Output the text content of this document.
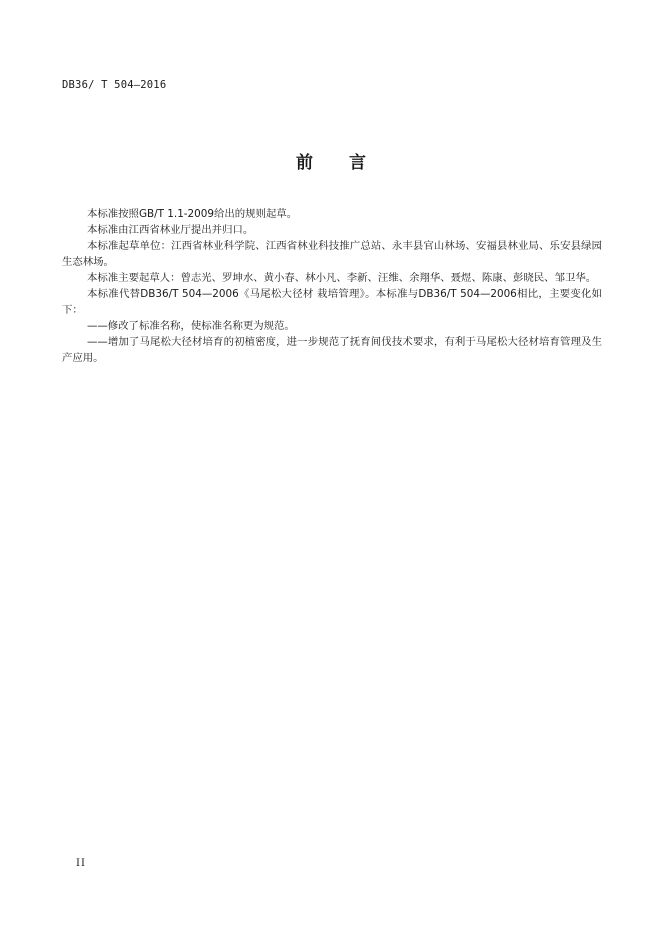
DB36/ T 504—2016
前 言

本标准按照GB/T 1.1-2009给出的规则起草。

本标准由江西省林业厅提出并归口。

本标准起草单位：江西省林业科学院、江西省林业科技推广总站、永丰县官山林场、安福县林业局、乐安县绿园生态林场。

本标准主要起草人：曾志光、罗坤水、黄小春、林小凡、李新、汪维、余翔华、聂煜、陈康、彭晓民、邹卫华。

本标准代替DB36/T 504—2006《马尾松大径材 栽培管理》。本标准与DB36/T 504—2006相比，主要变化如下：

——修改了标准名称，使标准名称更为规范。

——增加了马尾松大径材培育的初植密度，进一步规范了抚育间伐技术要求，有利于马尾松大径材培育管理及生产应用。

II
